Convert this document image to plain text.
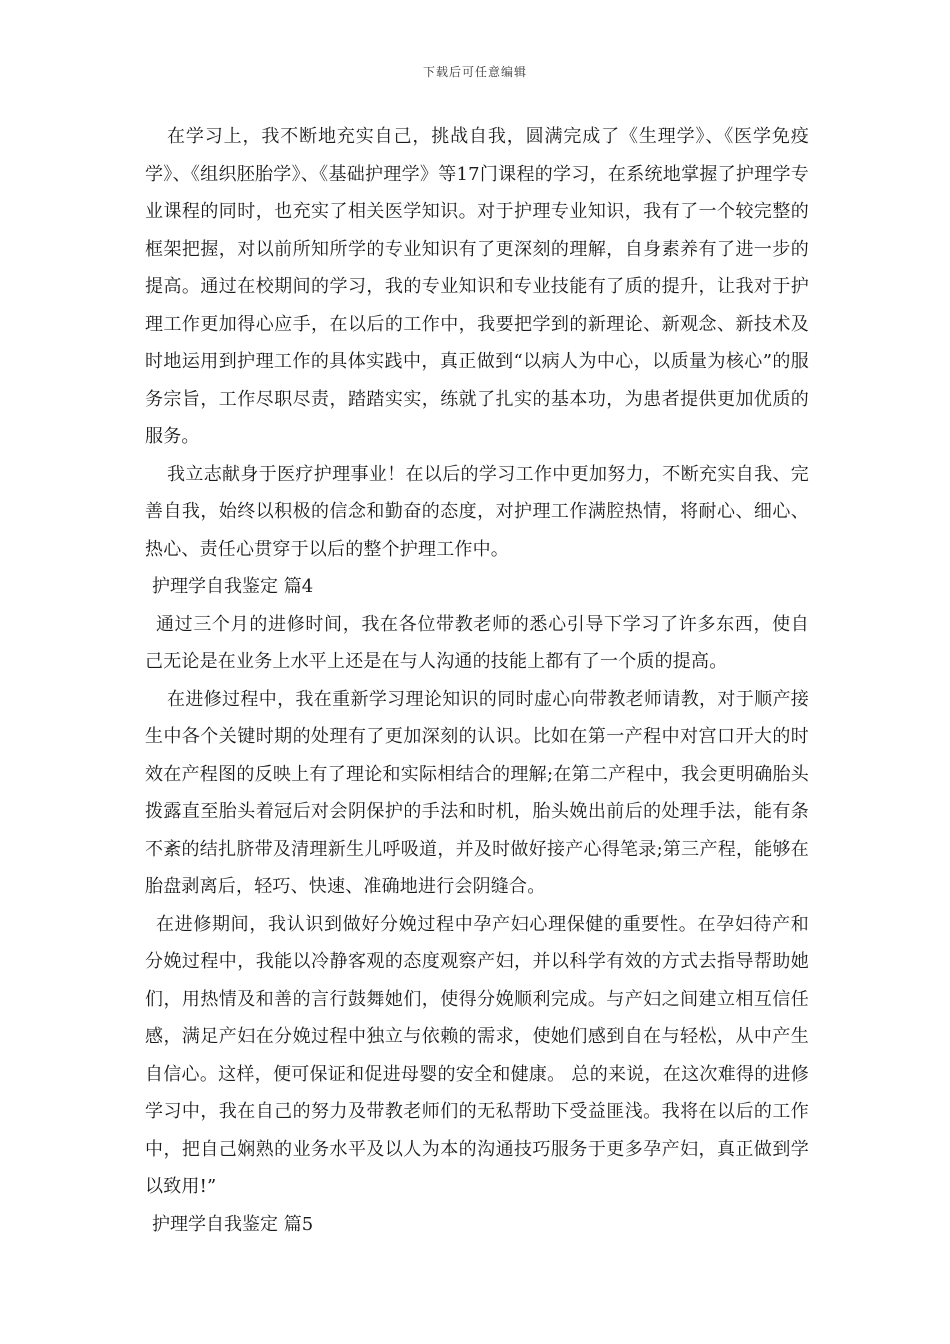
下载后可任意编辑

在学习上，我不断地充实自己，挑战自我，圆满完成了《生理学》、《医学免疫学》、《组织胚胎学》、《基础护理学》等17门课程的学习，在系统地掌握了护理学专业课程的同时，也充实了相关医学知识。对于护理专业知识，我有了一个较完整的框架把握，对以前所知所学的专业知识有了更深刻的理解，自身素养有了进一步的提高。通过在校期间的学习，我的专业知识和专业技能有了质的提升，让我对于护理工作更加得心应手，在以后的工作中，我要把学到的新理论、新观念、新技术及时地运用到护理工作的具体实践中，真正做到“以病人为中心，以质量为核心”的服务宗旨，工作尽职尽责，踏踏实实，练就了扎实的基本功，为患者提供更加优质的服务。

我立志献身于医疗护理事业！在以后的学习工作中更加努力，不断充实自我、完善自我，始终以积极的信念和勤奋的态度，对护理工作满腔热情，将耐心、细心、热心、责任心贯穿于以后的整个护理工作中。

护理学自我鉴定 篇4

通过三个月的进修时间，我在各位带教老师的悉心引导下学习了许多东西，使自己无论是在业务上水平上还是在与人沟通的技能上都有了一个质的提高。

在进修过程中，我在重新学习理论知识的同时虚心向带教老师请教，对于顺产接生中各个关键时期的处理有了更加深刻的认识。比如在第一产程中对宫口开大的时效在产程图的反映上有了理论和实际相结合的理解;在第二产程中，我会更明确胎头拨露直至胎头着冠后对会阴保护的手法和时机，胎头娩出前后的处理手法，能有条不紊的结扎脐带及清理新生儿呼吸道，并及时做好接产心得笔录;第三产程，能够在胎盘剥离后，轻巧、快速、准确地进行会阴缝合。

在进修期间，我认识到做好分娩过程中孕产妇心理保健的重要性。在孕妇待产和分娩过程中，我能以冷静客观的态度观察产妇，并以科学有效的方式去指导帮助她们，用热情及和善的言行鼓舞她们，使得分娩顺利完成。与产妇之间建立相互信任感，满足产妇在分娩过程中独立与依赖的需求，使她们感到自在与轻松，从中产生自信心。这样，便可保证和促进母婴的安全和健康。 总的来说，在这次难得的进修学习中，我在自己的努力及带教老师们的无私帮助下受益匪浅。我将在以后的工作中，把自己娴熟的业务水平及以人为本的沟通技巧服务于更多孕产妇，真正做到学以致用!”

护理学自我鉴定 篇5
